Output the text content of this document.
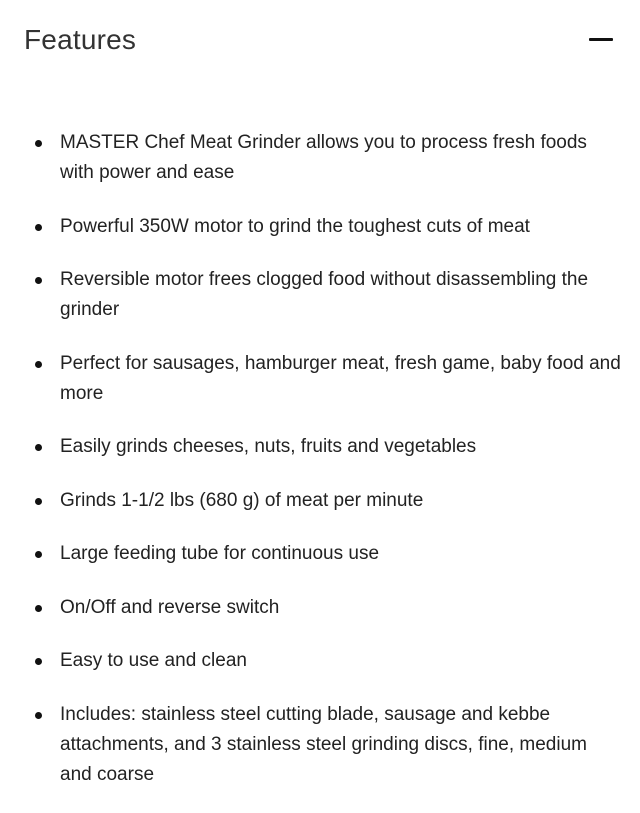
Features
MASTER Chef Meat Grinder allows you to process fresh foods with power and ease
Powerful 350W motor to grind the toughest cuts of meat
Reversible motor frees clogged food without disassembling the grinder
Perfect for sausages, hamburger meat, fresh game, baby food and more
Easily grinds cheeses, nuts, fruits and vegetables
Grinds 1-1/2 lbs (680 g) of meat per minute
Large feeding tube for continuous use
On/Off and reverse switch
Easy to use and clean
Includes: stainless steel cutting blade, sausage and kebbe attachments, and 3 stainless steel grinding discs, fine, medium and coarse
